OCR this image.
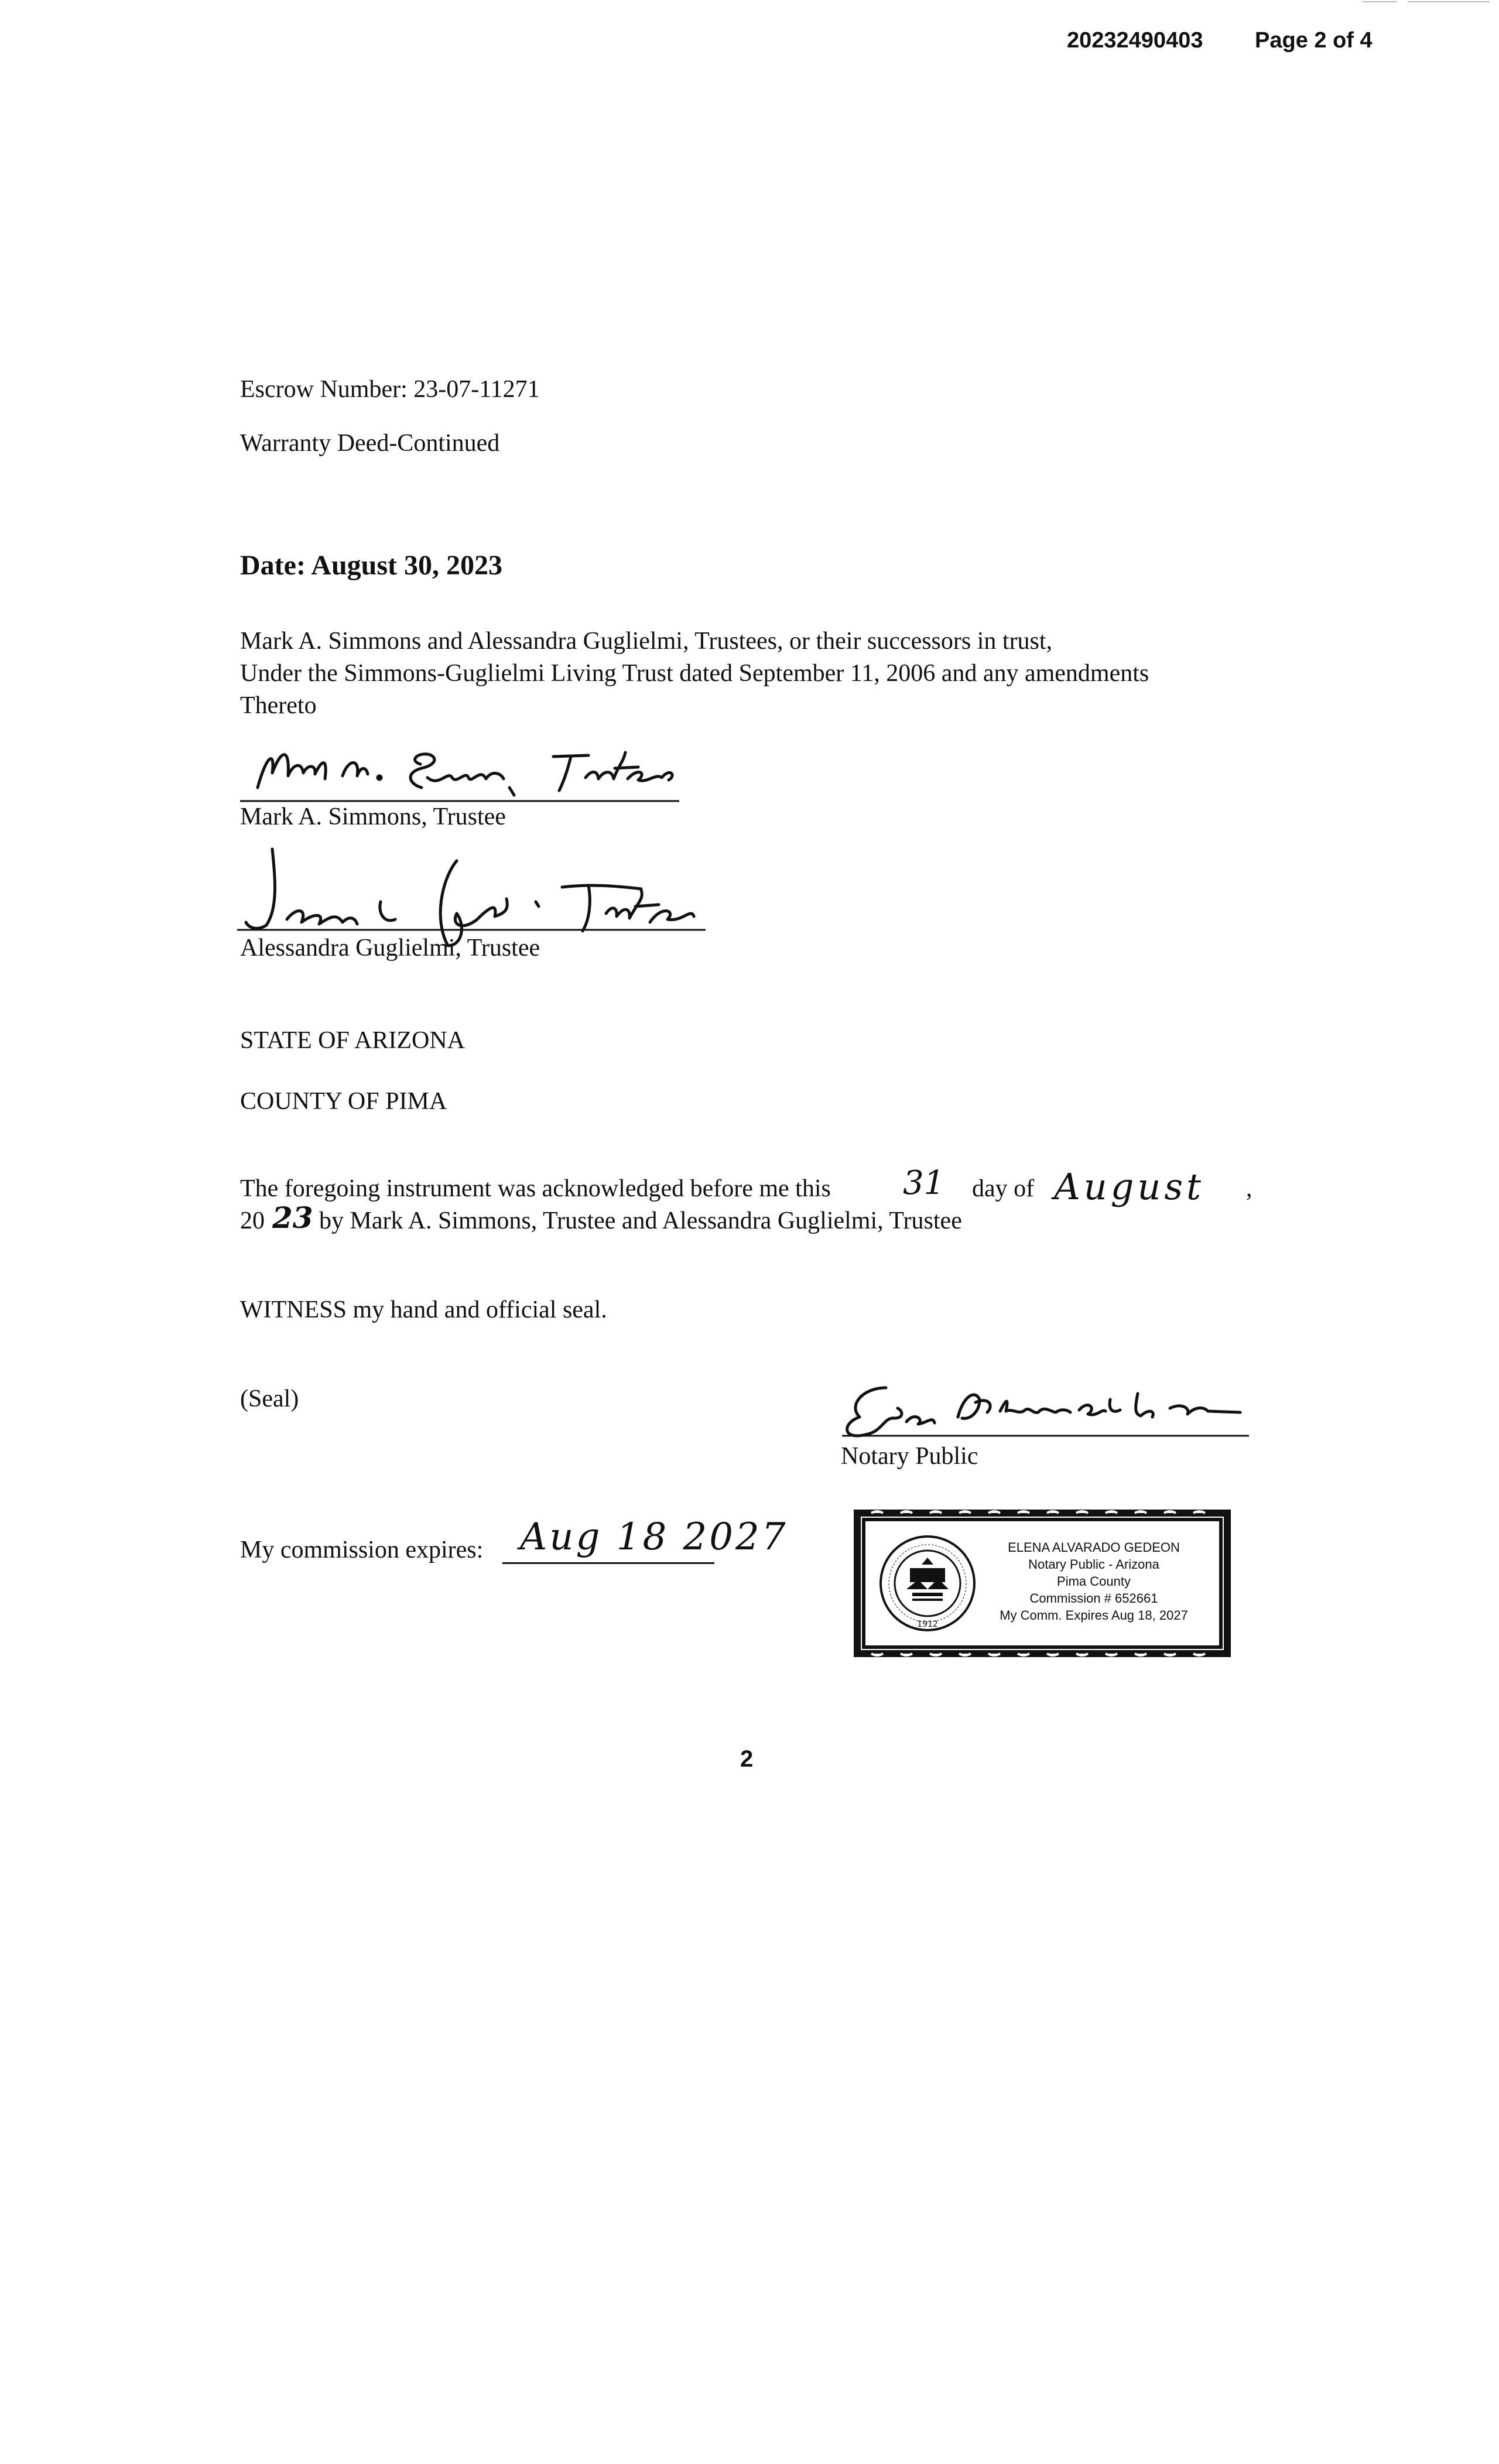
20232490403 Page 2 of 4
Escrow Number: 23-07-11271
Warranty Deed-Continued
Date: August 30, 2023
Mark A. Simmons and Alessandra Guglielmi, Trustees, or their successors in trust,
Under the Simmons-Guglielmi Living Trust dated September 11, 2006 and any amendments
Thereto
Mark A. Simmons, Trustee
Alessandra Guglielmi, Trustee
STATE OF ARIZONA
COUNTY OF PIMA
The foregoing instrument was acknowledged before me this 31 day of August ,
20 23 by Mark A. Simmons, Trustee and Alessandra Guglielmi, Trustee
WITNESS my hand and official seal.
(Seal)
Notary Public
My commission expires: Aug 18 2027
1912
ELENA ALVARADO GEDEON
Notary Public - Arizona
Pima County
Commission # 652661
My Comm. Expires Aug 18, 2027
2
